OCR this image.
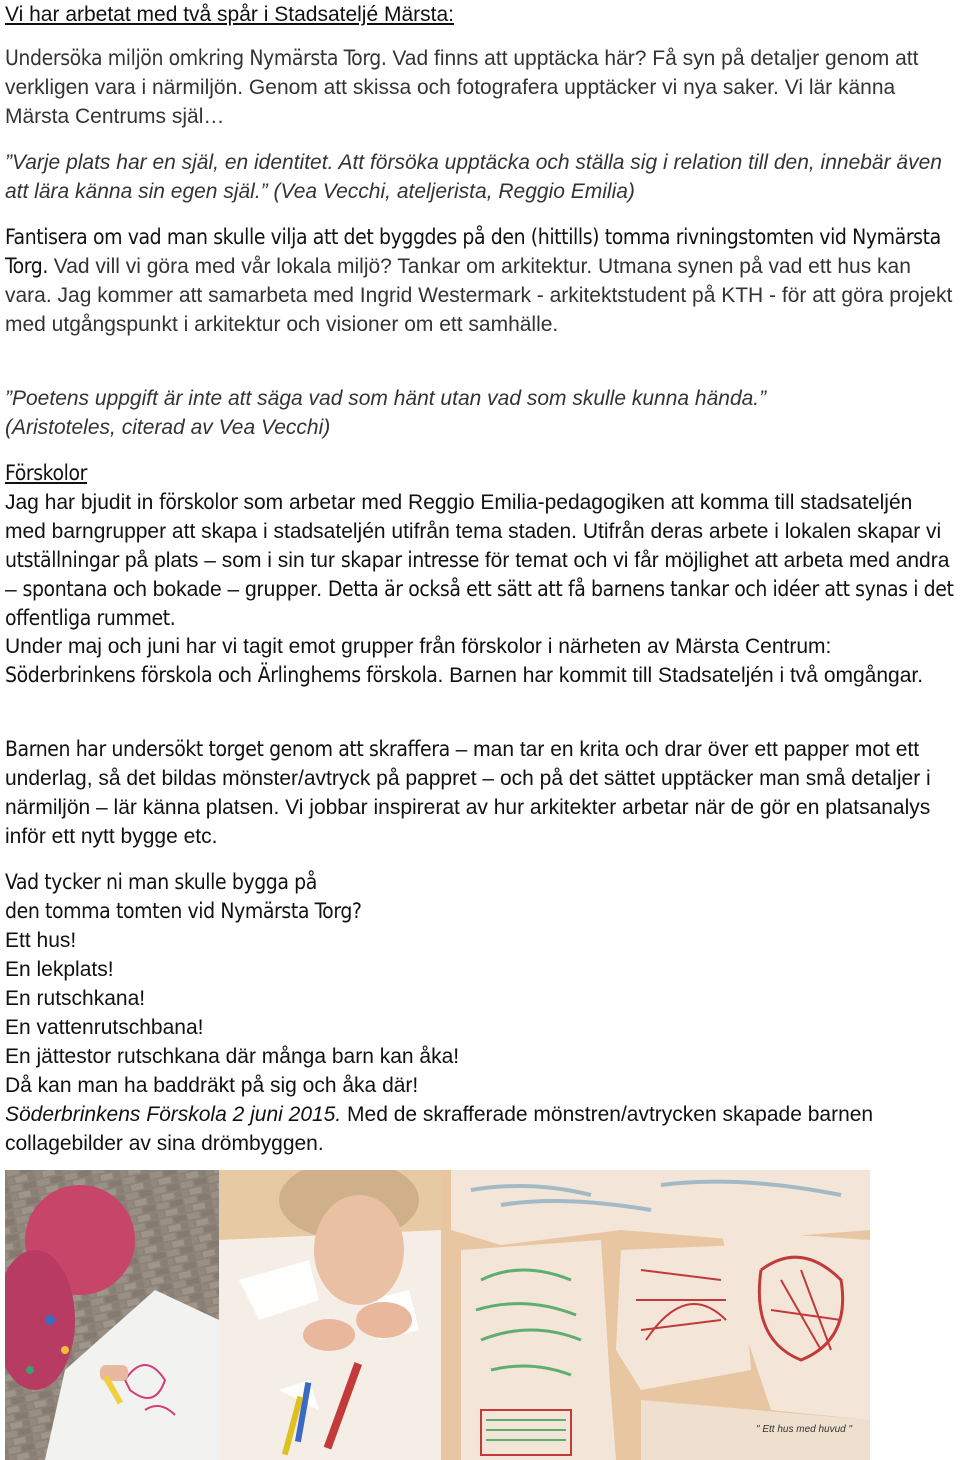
Vi har arbetat med två spår i Stadsateljé Märsta:

Undersöka miljön omkring Nymärsta Torg. Vad finns att upptäcka här? Få syn på detaljer genom att verkligen vara i närmiljön. Genom att skissa och fotografera upptäcker vi nya saker. Vi lär känna Märsta Centrums själ…

”Varje plats har en själ, en identitet. Att försöka upptäcka och ställa sig i relation till den, innebär även att lära känna sin egen själ.” (Vea Vecchi, ateljerista, Reggio Emilia)

Fantisera om vad man skulle vilja att det byggdes på den (hittills) tomma rivningstomten vid Nymärsta Torg. Vad vill vi göra med vår lokala miljö? Tankar om arkitektur. Utmana synen på vad ett hus kan vara. Jag kommer att samarbeta med Ingrid Westermark - arkitektstudent på KTH - för att göra projekt med utgångspunkt i arkitektur och visioner om ett samhälle.

”Poetens uppgift är inte att säga vad som hänt utan vad som skulle kunna hända.”

(Aristoteles, citerad av Vea Vecchi)

Förskolor

Jag har bjudit in förskolor som arbetar med Reggio Emilia-pedagogiken att komma till stadsateljén med barngrupper att skapa i stadsateljén utifrån tema staden. Utifrån deras arbete i lokalen skapar vi utställningar på plats – som i sin tur skapar intresse för temat och vi får möjlighet att arbeta med andra – spontana och bokade – grupper. Detta är också ett sätt att få barnens tankar och idéer att synas i det offentliga rummet.

Under maj och juni har vi tagit emot grupper från förskolor i närheten av Märsta Centrum: Söderbrinkens förskola och Ärlinghems förskola. Barnen har kommit till Stadsateljén i två omgångar.

Barnen har undersökt torget genom att skraffera – man tar en krita och drar över ett papper mot ett underlag, så det bildas mönster/avtryck på pappret – och på det sättet upptäcker man små detaljer i närmiljön – lär känna platsen. Vi jobbar inspirerat av hur arkitekter arbetar när de gör en platsanalys inför ett nytt bygge etc.

Vad tycker ni man skulle bygga på

den tomma tomten vid Nymärsta Torg?

Ett hus!

En lekplats!

En rutschkana!

En vattenrutschbana!

En jättestor rutschkana där många barn kan åka!

Då kan man ha baddräkt på sig och åka där!

Söderbrinkens Förskola 2 juni 2015. Med de skrafferade mönstren/avtrycken skapade barnen collagebilder av sina drömbyggen.

" Ett hus med huvud "
